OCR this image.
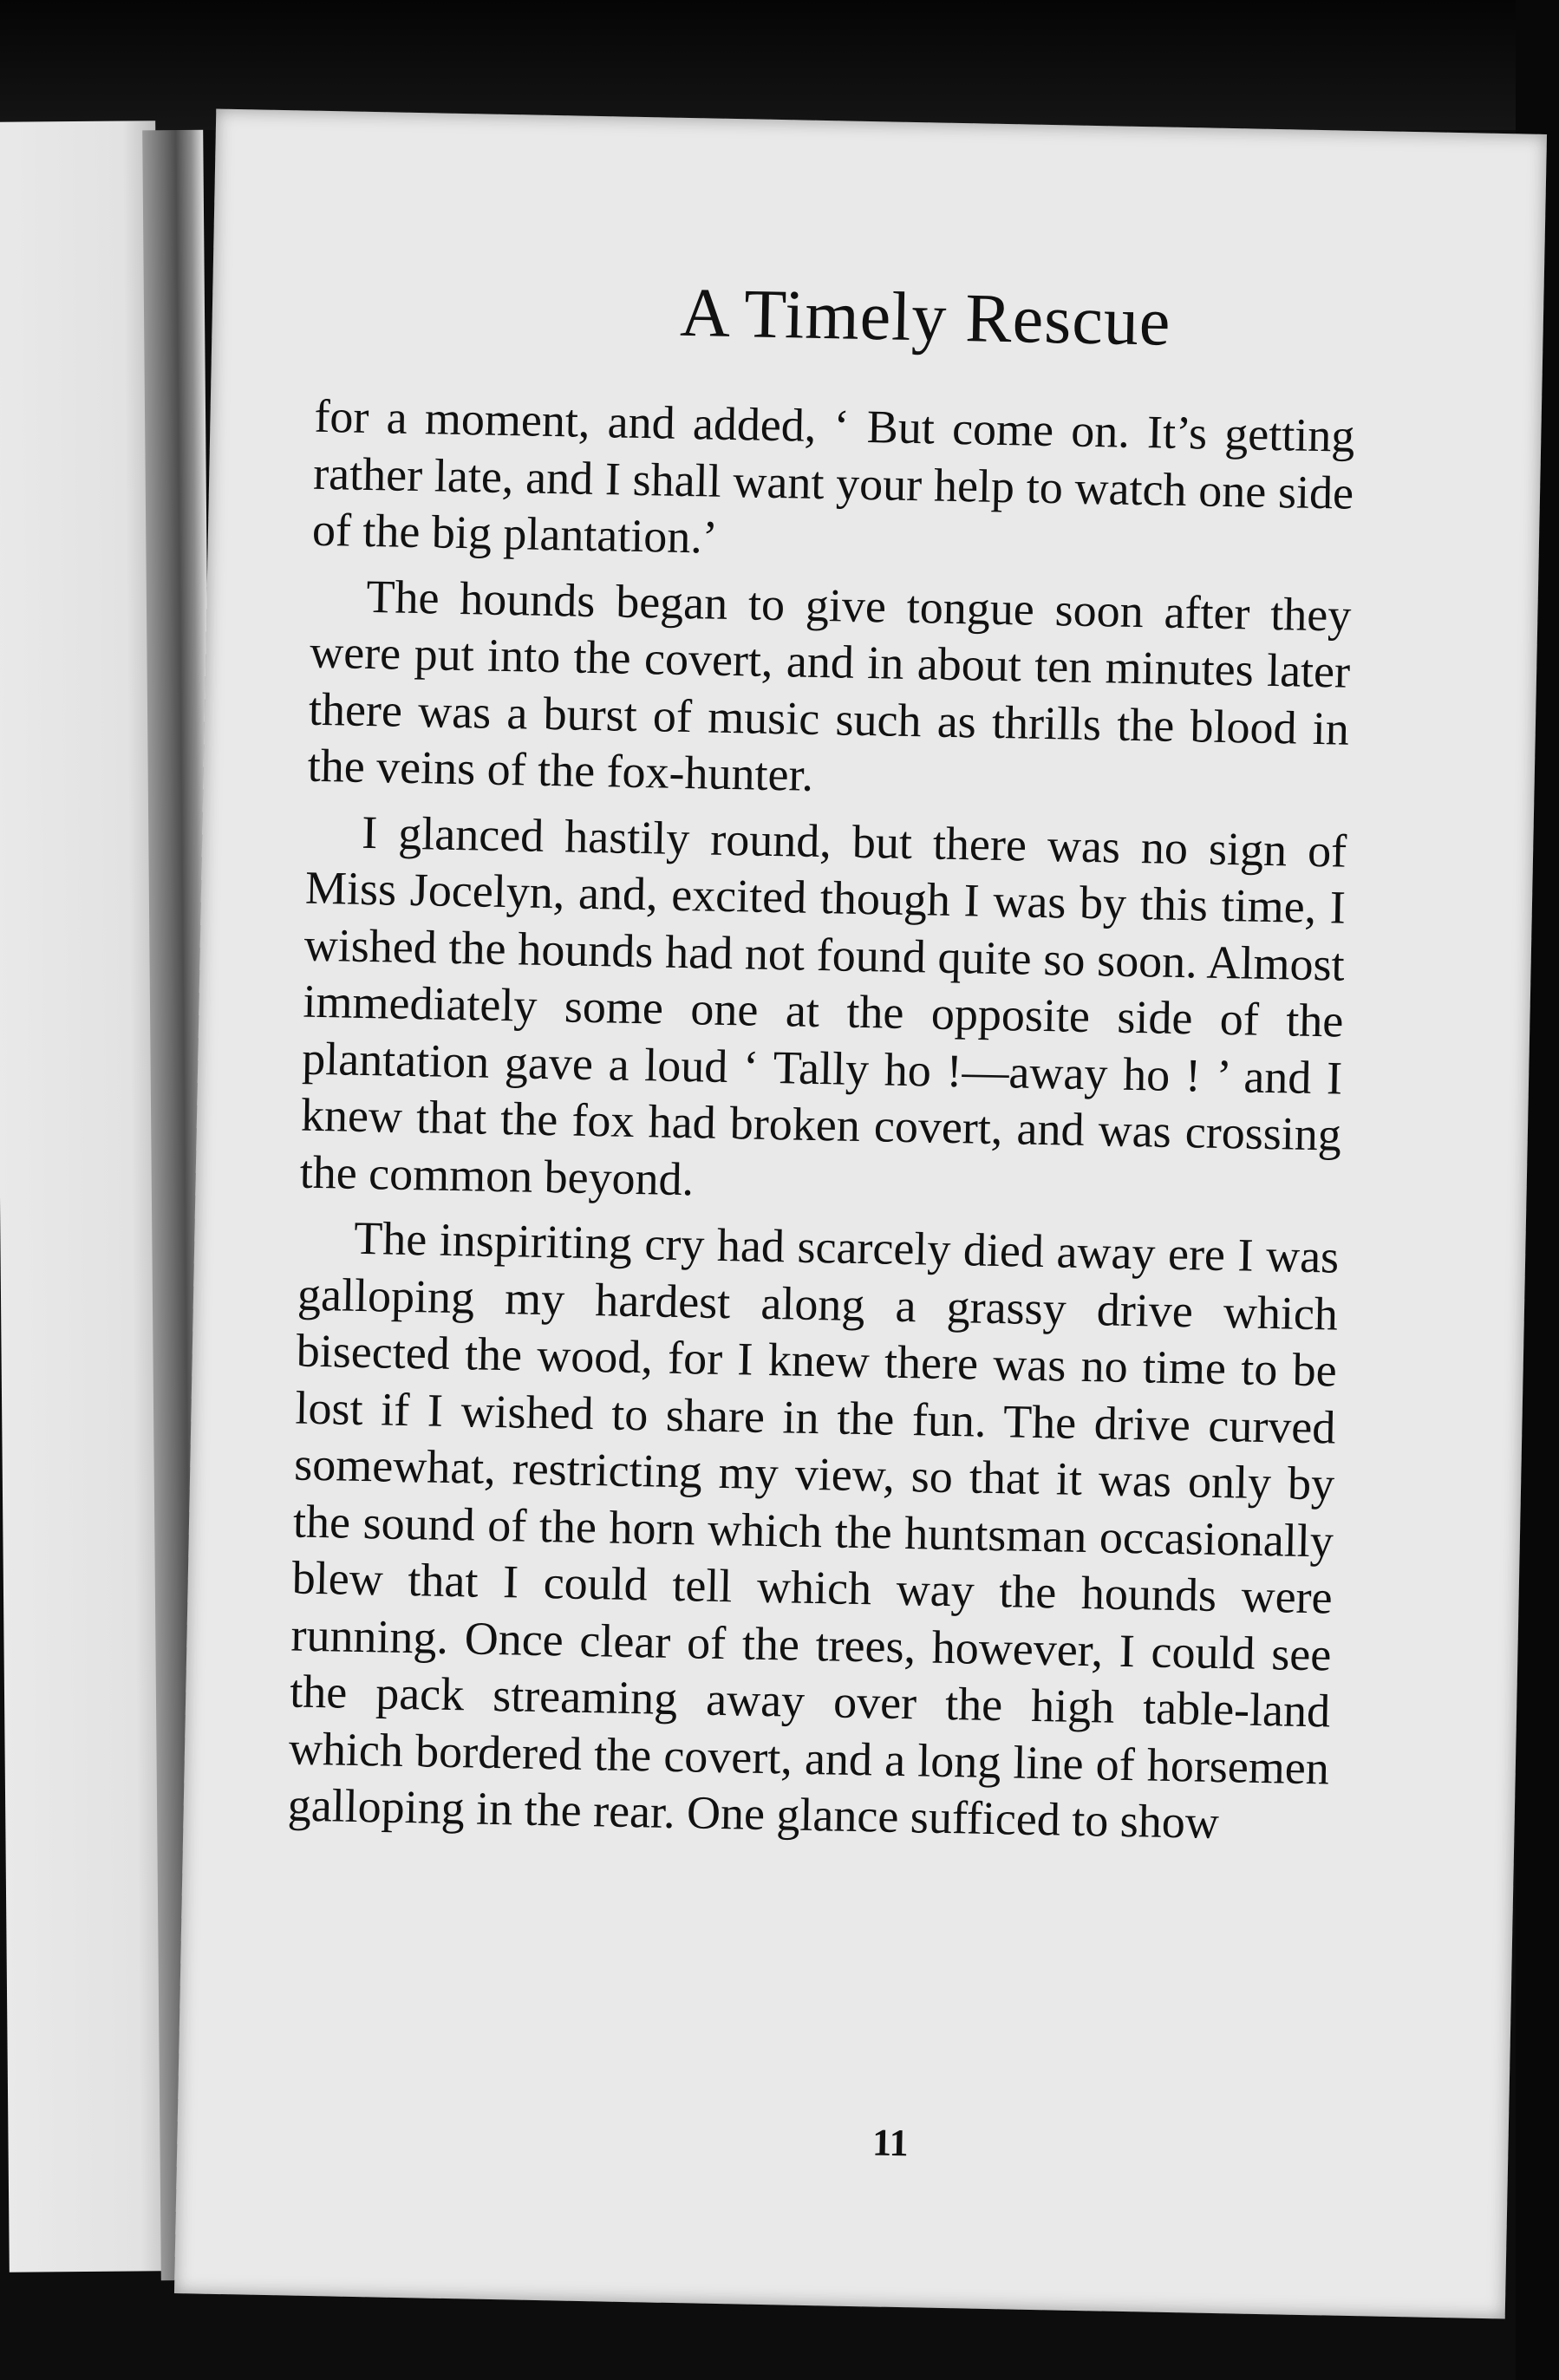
A Timely Rescue

for a moment, and added, ‘ But come on. It’s getting rather late, and I shall want your help to watch one side of the big plantation.’

The hounds began to give tongue soon after they were put into the covert, and in about ten minutes later there was a burst of music such as thrills the blood in the veins of the fox-hunter.

I glanced hastily round, but there was no sign of Miss Jocelyn, and, excited though I was by this time, I wished the hounds had not found quite so soon. Almost immediately some one at the opposite side of the plantation gave a loud ‘ Tally ho !—away ho ! ’ and I knew that the fox had broken covert, and was crossing the common beyond.

The inspiriting cry had scarcely died away ere I was galloping my hardest along a grassy drive which bisected the wood, for I knew there was no time to be lost if I wished to share in the fun. The drive curved somewhat, restricting my view, so that it was only by the sound of the horn which the huntsman occasionally blew that I could tell which way the hounds were running. Once clear of the trees, however, I could see the pack streaming away over the high table-land which bordered the covert, and a long line of horsemen galloping in the rear. One glance sufficed to show

11
